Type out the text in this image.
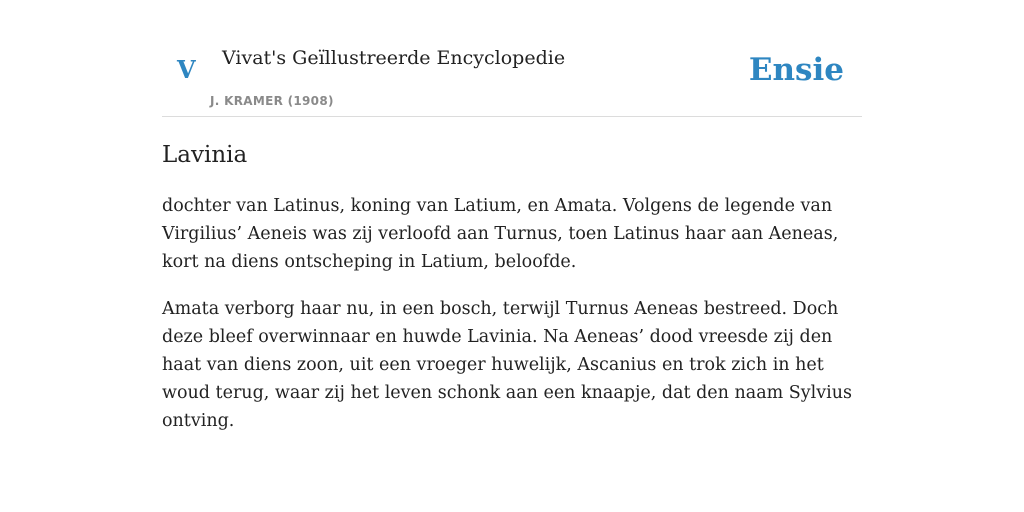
V Vivat's Geïllustreerde Encyclopedie
J. KRAMER (1908)
Ensie
Lavinia

dochter van Latinus, koning van Latium, en Amata. Volgens de legende van Virgilius’ Aeneis was zij verloofd aan Turnus, toen Latinus haar aan Aeneas, kort na diens ontscheping in Latium, beloofde.

Amata verborg haar nu, in een bosch, terwijl Turnus Aeneas bestreed. Doch deze bleef overwinnaar en huwde Lavinia. Na Aeneas’ dood vreesde zij den haat van diens zoon, uit een vroeger huwelijk, Ascanius en trok zich in het woud terug, waar zij het leven schonk aan een knaapje, dat den naam Sylvius ontving.
